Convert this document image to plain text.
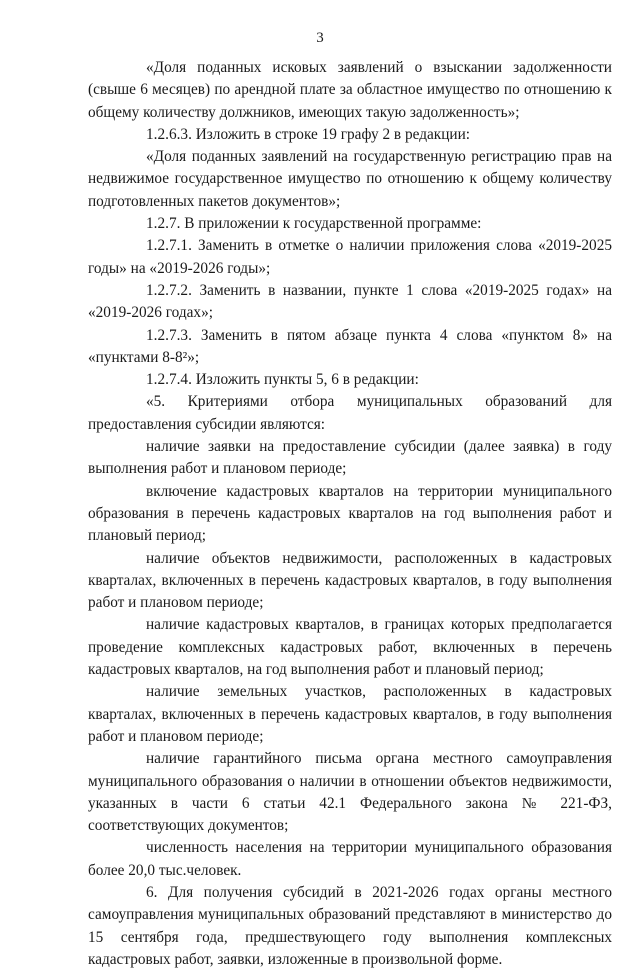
3

«Доля поданных исковых заявлений о взыскании задолженности (свыше 6 месяцев) по арендной плате за областное имущество по отношению к общему количеству должников, имеющих такую задолженность»;

1.2.6.3. Изложить в строке 19 графу 2 в редакции:

«Доля поданных заявлений на государственную регистрацию прав на недвижимое государственное имущество по отношению к общему количеству подготовленных пакетов документов»;

1.2.7. В приложении к государственной программе:

1.2.7.1. Заменить в отметке о наличии приложения слова «2019-2025 годы» на «2019-2026 годы»;

1.2.7.2. Заменить в названии, пункте 1 слова «2019-2025 годах» на «2019-2026 годах»;

1.2.7.3. Заменить в пятом абзаце пункта 4 слова «пунктом 8» на «пунктами 8-8²»;

1.2.7.4. Изложить пункты 5, 6 в редакции:

«5. Критериями отбора муниципальных образований для предоставления субсидии являются:

наличие заявки на предоставление субсидии (далее заявка) в году выполнения работ и плановом периоде;

включение кадастровых кварталов на территории муниципального образования в перечень кадастровых кварталов на год выполнения работ и плановый период;

наличие объектов недвижимости, расположенных в кадастровых кварталах, включенных в перечень кадастровых кварталов, в году выполнения работ и плановом периоде;

наличие кадастровых кварталов, в границах которых предполагается проведение комплексных кадастровых работ, включенных в перечень кадастровых кварталов, на год выполнения работ и плановый период;

наличие земельных участков, расположенных в кадастровых кварталах, включенных в перечень кадастровых кварталов, в году выполнения работ и плановом периоде;

наличие гарантийного письма органа местного самоуправления муниципального образования о наличии в отношении объектов недвижимости, указанных в части 6 статьи 42.1 Федерального закона № 221-ФЗ, соответствующих документов;

численность населения на территории муниципального образования более 20,0 тыс.человек.

6. Для получения субсидий в 2021-2026 годах органы местного самоуправления муниципальных образований представляют в министерство до 15 сентября года, предшествующего году выполнения комплексных кадастровых работ, заявки, изложенные в произвольной форме.
